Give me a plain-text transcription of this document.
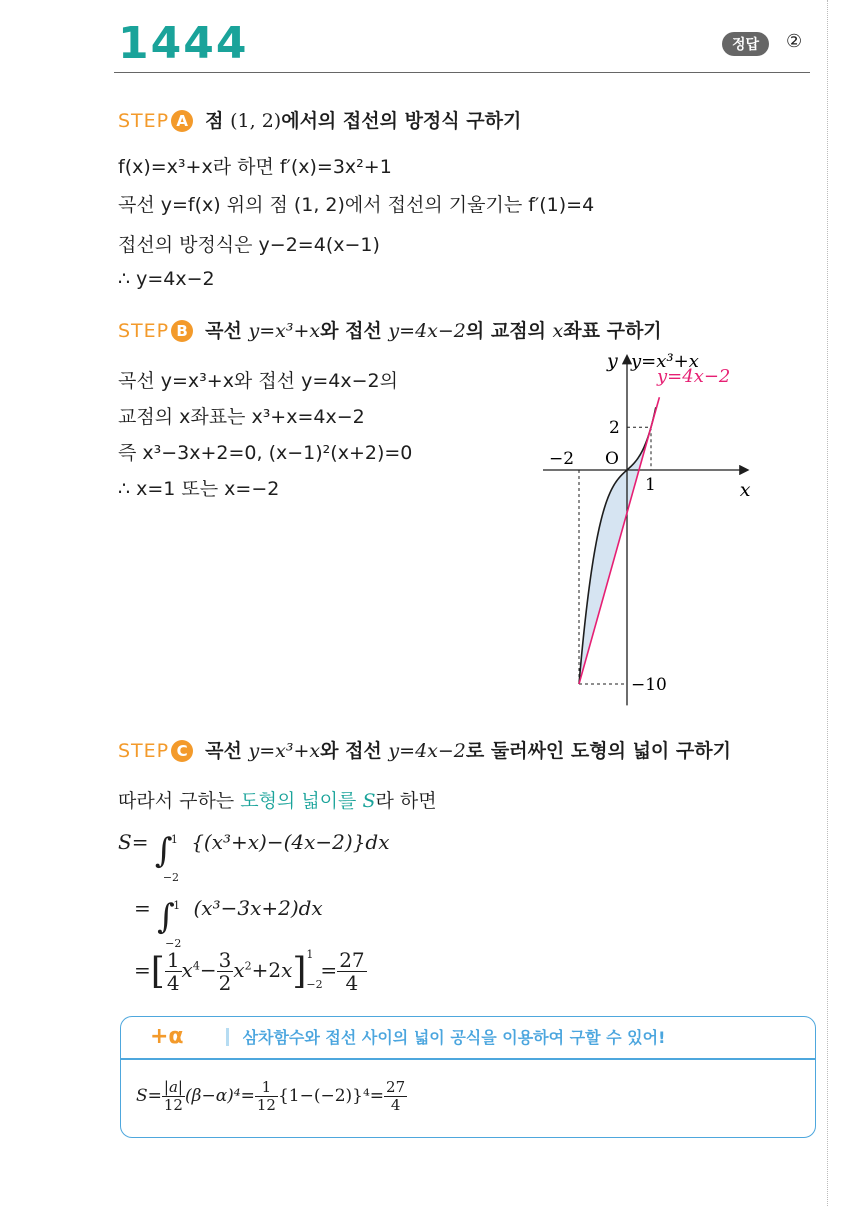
1444	정답	②
STEP A 점 (1, 2)에서의 접선의 방정식 구하기
f(x)=x³+x라 하면 f′(x)=3x²+1
곡선 y=f(x) 위의 점 (1, 2)에서 접선의 기울기는 f′(1)=4
접선의 방정식은 y−2=4(x−1)
∴ y=4x−2
STEP B 곡선 y=x³+x와 접선 y=4x−2의 교점의 x좌표 구하기
곡선 y=x³+x와 접선 y=4x−2의
교점의 x좌표는 x³+x=4x−2
즉 x³−3x+2=0, (x−1)²(x+2)=0
∴ x=1 또는 x=−2
y
x
O
−2
1
2
−10
y=x³+x
y=4x−2
STEP C 곡선 y=x³+x와 접선 y=4x−2로 둘러싸인 도형의 넓이 구하기
따라서 구하는 도형의 넓이를 S라 하면
S= ∫
1
−2
{(x³+x)−(4x−2)}dx
= ∫
1
−2
(x³−3x+2)dx
=[ $\frac{1}{4} x^4- \frac{3}{2} x^2+2x$] 1
−2
= $\frac{27}{4}$
+α	삼차함수와 접선 사이의 넓이 공식을 이용하여 구할 수 있어!
$S= \frac{|a|}{12} (\beta-\alpha)^4= \frac{1}{12} \{1-(-2)\}^4= \frac{27}{4}$
